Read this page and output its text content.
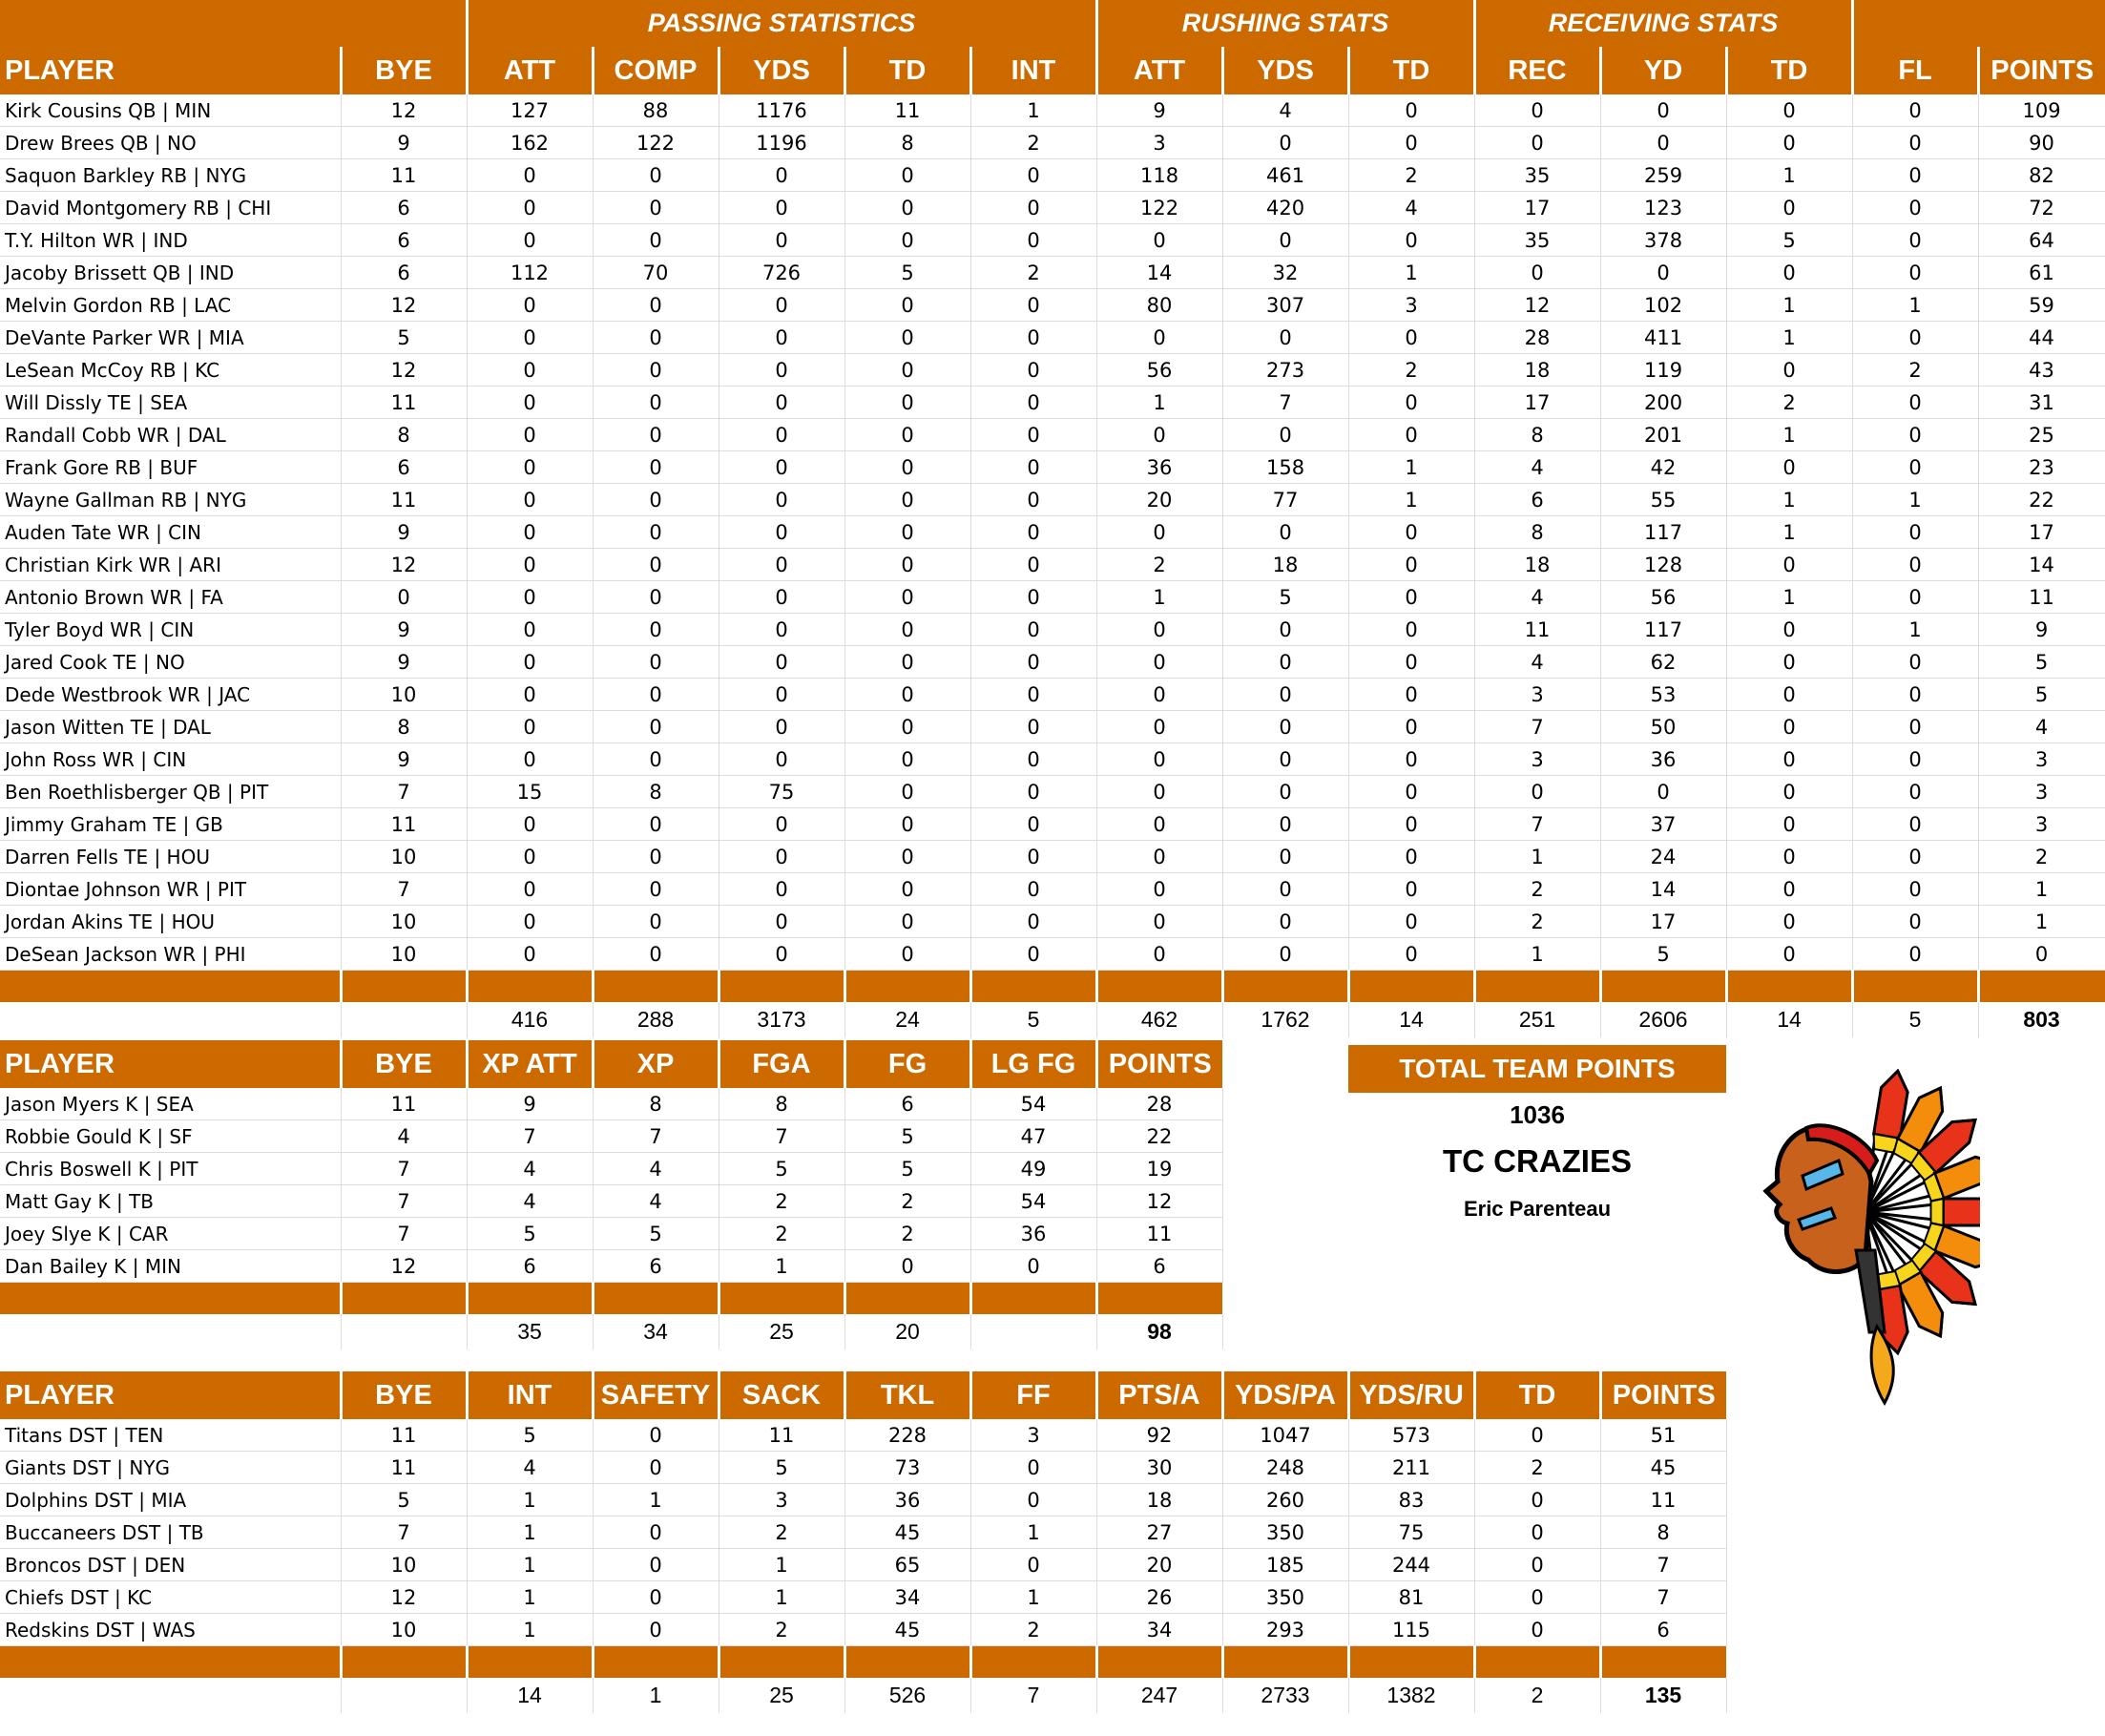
		PASSING STATISTICS					RUSHING STATS			RECEIVING STATS				
PLAYER	BYE	ATT	COMP	YDS	TD	INT	ATT	YDS	TD	REC	YD	TD	FL	POINTS
Kirk Cousins QB | MIN	12	127	88	1176	11	1	9	4	0	0	0	0	0	109
Drew Brees QB | NO	9	162	122	1196	8	2	3	0	0	0	0	0	0	90
Saquon Barkley RB | NYG	11	0	0	0	0	0	118	461	2	35	259	1	0	82
David Montgomery RB | CHI	6	0	0	0	0	0	122	420	4	17	123	0	0	72
T.Y. Hilton WR | IND	6	0	0	0	0	0	0	0	0	35	378	5	0	64
Jacoby Brissett QB | IND	6	112	70	726	5	2	14	32	1	0	0	0	0	61
Melvin Gordon RB | LAC	12	0	0	0	0	0	80	307	3	12	102	1	1	59
DeVante Parker WR | MIA	5	0	0	0	0	0	0	0	0	28	411	1	0	44
LeSean McCoy RB | KC	12	0	0	0	0	0	56	273	2	18	119	0	2	43
Will Dissly TE | SEA	11	0	0	0	0	0	1	7	0	17	200	2	0	31
Randall Cobb WR | DAL	8	0	0	0	0	0	0	0	0	8	201	1	0	25
Frank Gore RB | BUF	6	0	0	0	0	0	36	158	1	4	42	0	0	23
Wayne Gallman RB | NYG	11	0	0	0	0	0	20	77	1	6	55	1	1	22
Auden Tate WR | CIN	9	0	0	0	0	0	0	0	0	8	117	1	0	17
Christian Kirk WR | ARI	12	0	0	0	0	0	2	18	0	18	128	0	0	14
Antonio Brown WR | FA	0	0	0	0	0	0	1	5	0	4	56	1	0	11
Tyler Boyd WR | CIN	9	0	0	0	0	0	0	0	0	11	117	0	1	9
Jared Cook TE | NO	9	0	0	0	0	0	0	0	0	4	62	0	0	5
Dede Westbrook WR | JAC	10	0	0	0	0	0	0	0	0	3	53	0	0	5
Jason Witten TE | DAL	8	0	0	0	0	0	0	0	0	7	50	0	0	4
John Ross WR | CIN	9	0	0	0	0	0	0	0	0	3	36	0	0	3
Ben Roethlisberger QB | PIT	7	15	8	75	0	0	0	0	0	0	0	0	0	3
Jimmy Graham TE | GB	11	0	0	0	0	0	0	0	0	7	37	0	0	3
Darren Fells TE | HOU	10	0	0	0	0	0	0	0	0	1	24	0	0	2
Diontae Johnson WR | PIT	7	0	0	0	0	0	0	0	0	2	14	0	0	1
Jordan Akins TE | HOU	10	0	0	0	0	0	0	0	0	2	17	0	0	1
DeSean Jackson WR | PHI	10	0	0	0	0	0	0	0	0	1	5	0	0	0

		416	288	3173	24	5	462	1762	14	251	2606	14	5	803
PLAYER	BYE	XP ATT	XP	FGA	FG	LG FG	POINTS
Jason Myers K | SEA	11	9	8	8	6	54	28
Robbie Gould K | SF	4	7	7	7	5	47	22
Chris Boswell K | PIT	7	4	4	5	5	49	19
Matt Gay K | TB	7	4	4	2	2	54	12
Joey Slye K | CAR	7	5	5	2	2	36	11
Dan Bailey K | MIN	12	6	6	1	0	0	6

		35	34	25	20		98
PLAYER	BYE	INT	SAFETY	SACK	TKL	FF	PTS/A	YDS/PA	YDS/RU	TD	POINTS
Titans DST | TEN	11	5	0	11	228	3	92	1047	573	0	51
Giants DST | NYG	11	4	0	5	73	0	30	248	211	2	45
Dolphins DST | MIA	5	1	1	3	36	0	18	260	83	0	11
Buccaneers DST | TB	7	1	0	2	45	1	27	350	75	0	8
Broncos DST | DEN	10	1	0	1	65	0	20	185	244	0	7
Chiefs DST | KC	12	1	0	1	34	1	26	350	81	0	7
Redskins DST | WAS	10	1	0	2	45	2	34	293	115	0	6

		14	1	25	526	7	247	2733	1382	2	135
TOTAL TEAM POINTS
1036
TC CRAZIES
Eric Parenteau
